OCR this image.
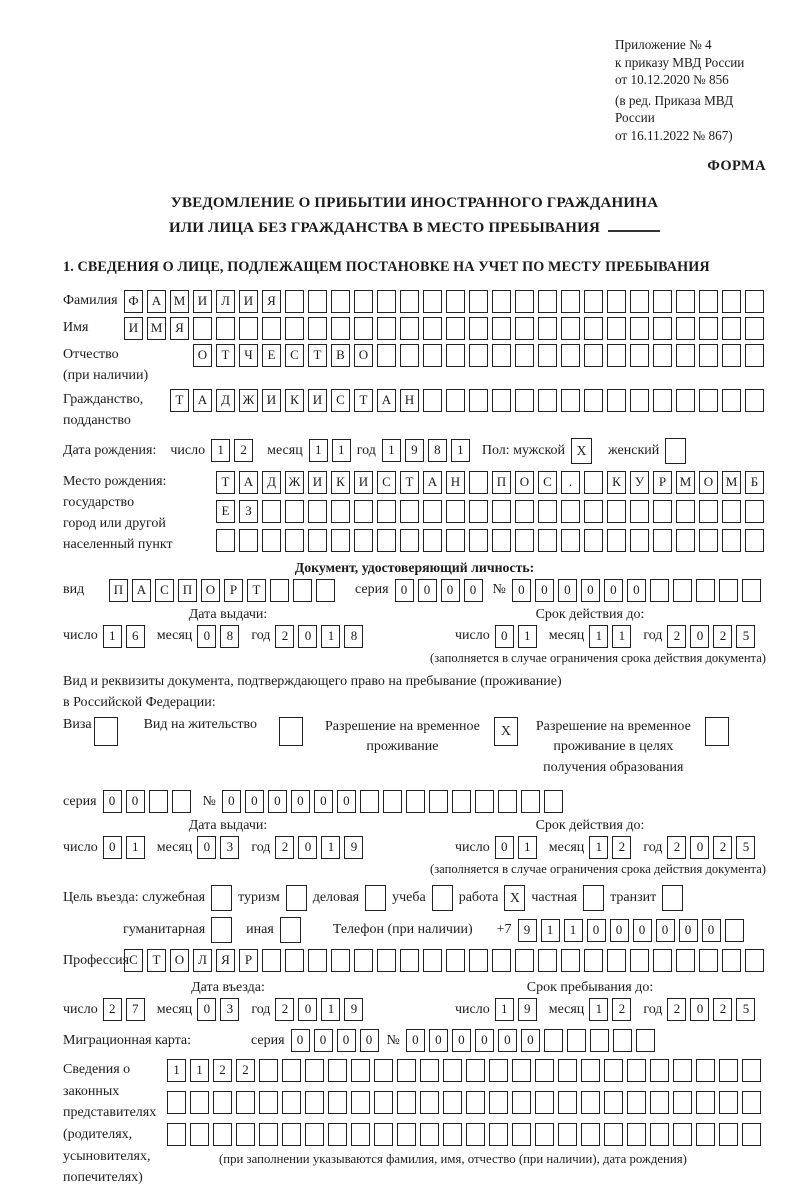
Приложение № 4
к приказу МВД России
от 10.12.2020 № 856
(в ред. Приказа МВД России
от 16.11.2022 № 867)
ФОРМА
УВЕДОМЛЕНИЕ О ПРИБЫТИИ ИНОСТРАННОГО ГРАЖДАНИНА
ИЛИ ЛИЦА БЕЗ ГРАЖДАНСТВА В МЕСТО ПРЕБЫВАНИЯ
1. СВЕДЕНИЯ О ЛИЦЕ, ПОДЛЕЖАЩЕМ ПОСТАНОВКЕ НА УЧЕТ ПО МЕСТУ ПРЕБЫВАНИЯ
Фамилия Ф	А М И	Л	И	Я
Имя	И М Я
Отчество
(при наличии)
О	Т	Ч	Е	С	Т	В	О
Гражданство,
подданство
Т	А	Д Ж И	К	И	С	Т	А	Н
Дата рождения: число 1	2	месяц 1	1 год 1	9	8	1	Пол: мужской X	женский
Место рождения:
государство
город или другой
населенный пункт
Т	А	Д Ж И	К	И	С	Т	А	Н	П	О	С	.	К	У	Р	М О М	Б
Е	З
Документ, удостоверяющий личность:
вид	П	А	С	П	О	Р	Т	серия 0	0	0	0	№ 0	0	0	0	0	0
Дата выдачи:	Срок действия до:
число 1	6	месяц 0	8	год 2	0	1	8	число 0	1	месяц 1	1	год 2	0	2	5
(заполняется в случае ограничения срока действия документа)
Вид и реквизиты документа, подтверждающего право на пребывание (проживание)
в Российской Федерации:
Виза	Вид на жительство	Разрешение на временное
проживание
X	Разрешение на временное
проживание в целях
получения образования
серия 0	0	№ 0	0	0	0	0	0
Дата выдачи:	Срок действия до:
число 0	1	месяц 0	3	год 2	0	1	9	число 0	1	месяц 1	2	год 2	0	2	5
(заполняется в случае ограничения срока действия документа)
Цель въезда: служебная туризм деловая учеба работа X частная транзит
гуманитарная	иная	Телефон (при наличии) +7 9	1	1	0	0	0	0	0	0
Профессия С	Т	О	Л	Я	Р
Дата въезда:	Срок пребывания до:
число 2	7	месяц 0	3	год 2	0	1	9	число 1	9	месяц 1	2	год 2	0	2	5
Миграционная карта:	серия 0	0	0	0	№ 0	0	0	0	0	0
Сведения о
законных
представителях
(родителях,
усыновителях,
попечителях)
1	1	2	2
(при заполнении указываются фамилия, имя, отчество (при наличии), дата рождения)
